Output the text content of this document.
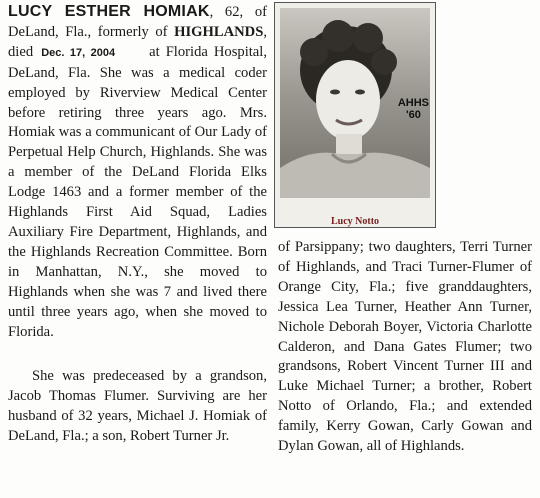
LUCY ESTHER HOMIAK, 62, of DeLand, Fla., formerly of HIGHLANDS, died Dec. 17, 2004 at Florida Hospital, DeLand, Fla. She was a medical coder employed by Riverview Medical Center before retiring three years ago. Mrs. Homiak was a communicant of Our Lady of Perpetual Help Church, Highlands. She was a member of the DeLand Florida Elks Lodge 1463 and a former member of the Highlands First Aid Squad, Ladies Auxiliary Fire Department, Highlands, and the Highlands Recreation Committee. Born in Manhattan, N.Y., she moved to Highlands when she was 7 and lived there until three years ago, when she moved to Florida.

She was predeceased by a grandson, Jacob Thomas Flumer. Surviving are her husband of 32 years, Michael J. Homiak of DeLand, Fla.; a son, Robert Turner Jr.

AHHS
'60
Lucy Notto

of Parsippany; two daughters, Terri Turner of Highlands, and Traci Turner-Flumer of Orange City, Fla.; five granddaughters, Jessica Lea Turner, Heather Ann Turner, Nichole Deborah Boyer, Victoria Charlotte Calderon, and Dana Gates Flumer; two grandsons, Robert Vincent Turner III and Luke Michael Turner; a brother, Robert Notto of Orlando, Fla.; and extended family, Kerry Gowan, Carly Gowan and Dylan Gowan, all of Highlands.
